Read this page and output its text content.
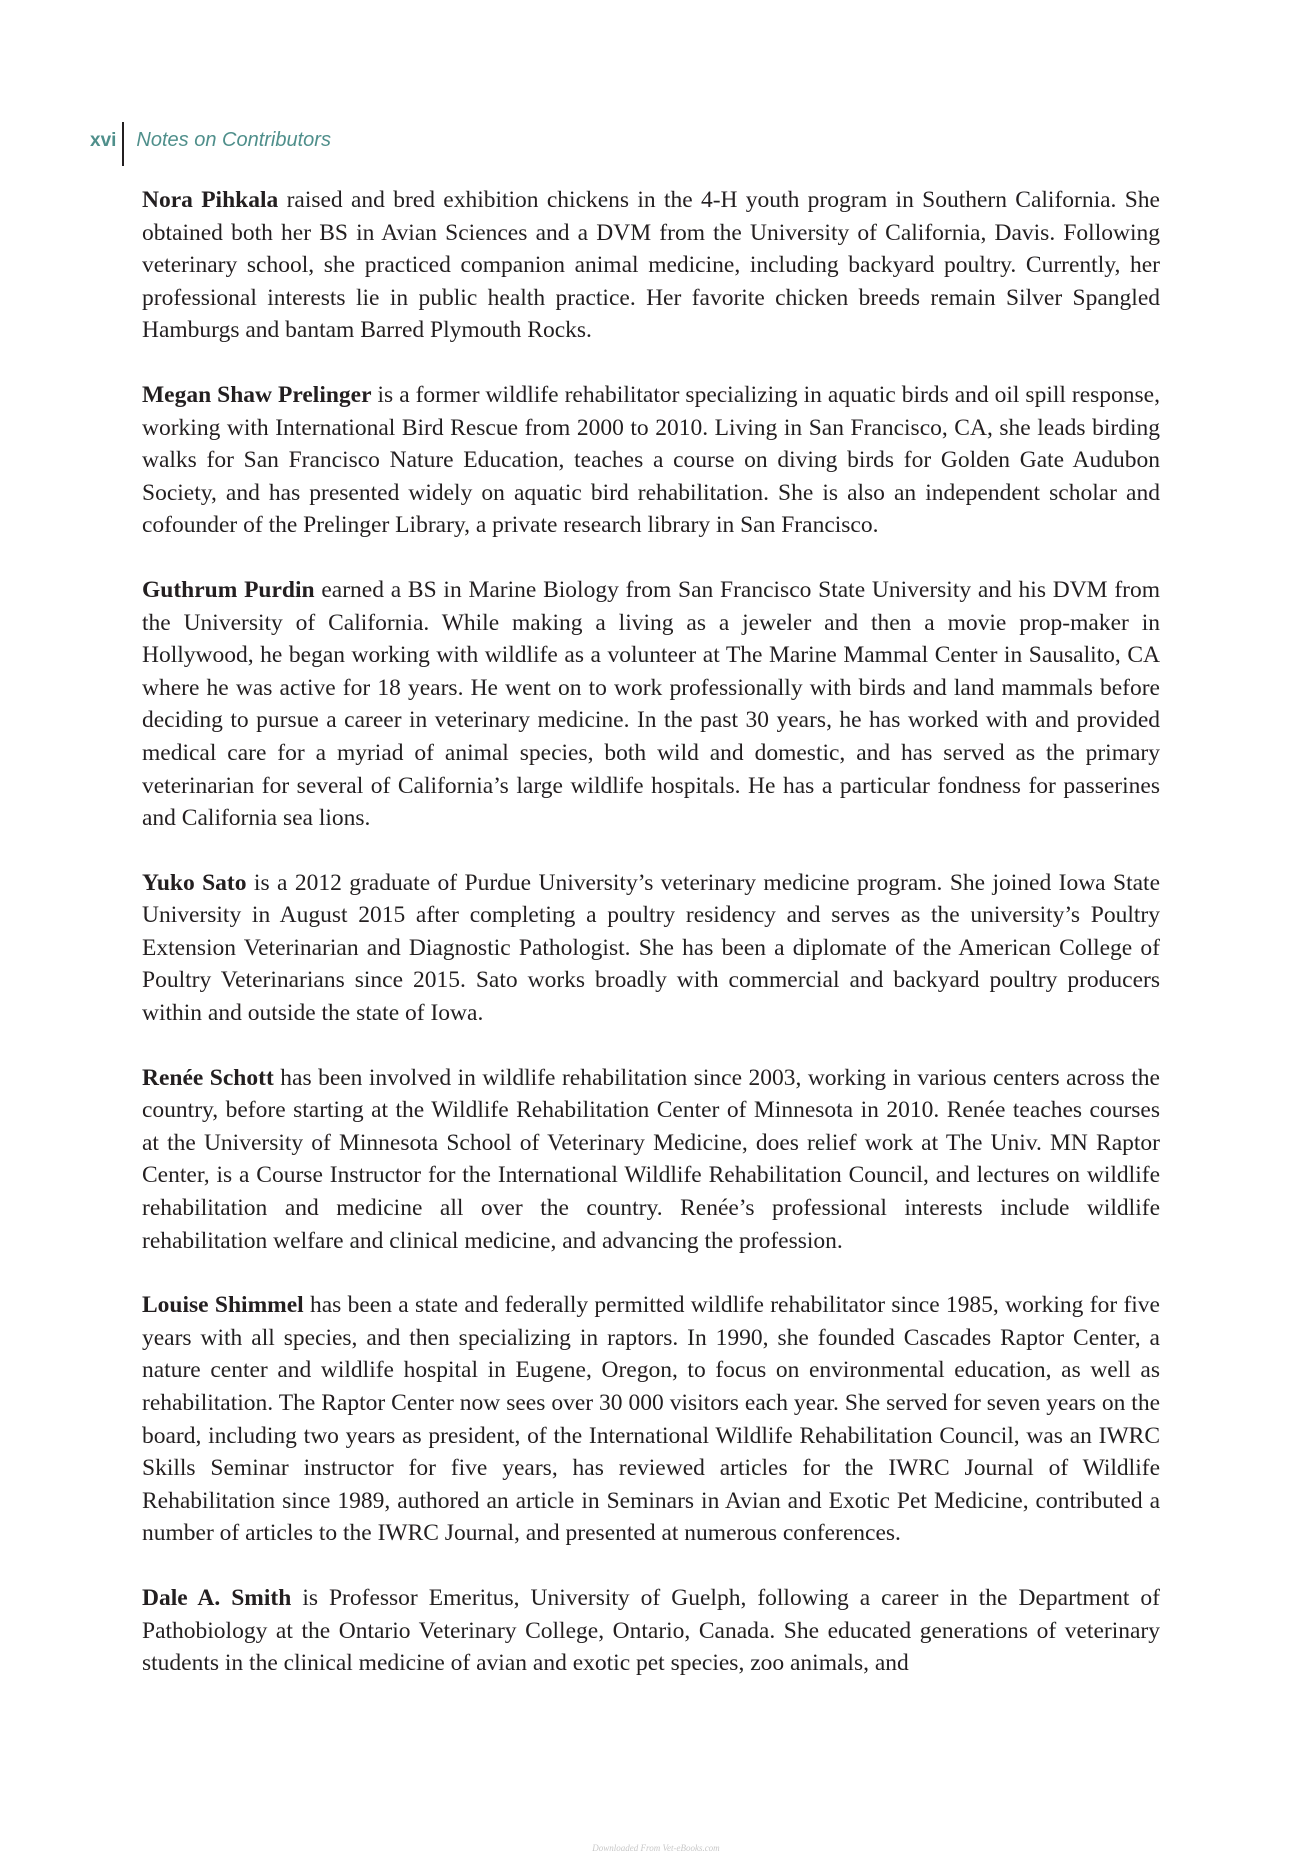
xvi Notes on Contributors

Nora Pihkala raised and bred exhibition chickens in the 4-H youth program in Southern California. She obtained both her BS in Avian Sciences and a DVM from the University of California, Davis. Following veterinary school, she practiced companion animal medicine, including backyard poultry. Currently, her professional interests lie in public health practice. Her favorite chicken breeds remain Silver Spangled Hamburgs and bantam Barred Plymouth Rocks.

Megan Shaw Prelinger is a former wildlife rehabilitator specializing in aquatic birds and oil spill response, working with International Bird Rescue from 2000 to 2010. Living in San Francisco, CA, she leads birding walks for San Francisco Nature Education, teaches a course on diving birds for Golden Gate Audubon Society, and has presented widely on aquatic bird rehabilitation. She is also an independent scholar and cofounder of the Prelinger Library, a private research library in San Francisco.

Guthrum Purdin earned a BS in Marine Biology from San Francisco State University and his DVM from the University of California. While making a living as a jeweler and then a movie prop-maker in Hollywood, he began working with wildlife as a volunteer at The Marine Mammal Center in Sausalito, CA where he was active for 18 years. He went on to work professionally with birds and land mammals before deciding to pursue a career in veterinary medicine. In the past 30 years, he has worked with and provided medical care for a myriad of animal species, both wild and domestic, and has served as the primary veterinarian for several of California’s large wildlife hospitals. He has a particular fondness for passerines and California sea lions.

Yuko Sato is a 2012 graduate of Purdue University’s veterinary medicine program. She joined Iowa State University in August 2015 after completing a poultry residency and serves as the university’s Poultry Extension Veterinarian and Diagnostic Pathologist. She has been a diplomate of the American College of Poultry Veterinarians since 2015. Sato works broadly with commercial and backyard poultry producers within and outside the state of Iowa.

Renée Schott has been involved in wildlife rehabilitation since 2003, working in various centers across the country, before starting at the Wildlife Rehabilitation Center of Minnesota in 2010. Renée teaches courses at the University of Minnesota School of Veterinary Medicine, does relief work at The Univ. MN Raptor Center, is a Course Instructor for the International Wildlife Rehabilitation Council, and lectures on wildlife rehabilitation and medicine all over the country. Renée’s professional interests include wildlife rehabilitation welfare and clinical medicine, and advancing the profession.

Louise Shimmel has been a state and federally permitted wildlife rehabilitator since 1985, working for five years with all species, and then specializing in raptors. In 1990, she founded Cascades Raptor Center, a nature center and wildlife hospital in Eugene, Oregon, to focus on environmental education, as well as rehabilitation. The Raptor Center now sees over 30 000 visitors each year. She served for seven years on the board, including two years as president, of the International Wildlife Rehabilitation Council, was an IWRC Skills Seminar instructor for five years, has reviewed articles for the IWRC Journal of Wildlife Rehabilitation since 1989, authored an article in Seminars in Avian and Exotic Pet Medicine, contributed a number of articles to the IWRC Journal, and presented at numerous conferences.

Dale A. Smith is Professor Emeritus, University of Guelph, following a career in the Department of Pathobiology at the Ontario Veterinary College, Ontario, Canada. She educated generations of veterinary students in the clinical medicine of avian and exotic pet species, zoo animals, and

Downloaded From Vet-eBooks.com
